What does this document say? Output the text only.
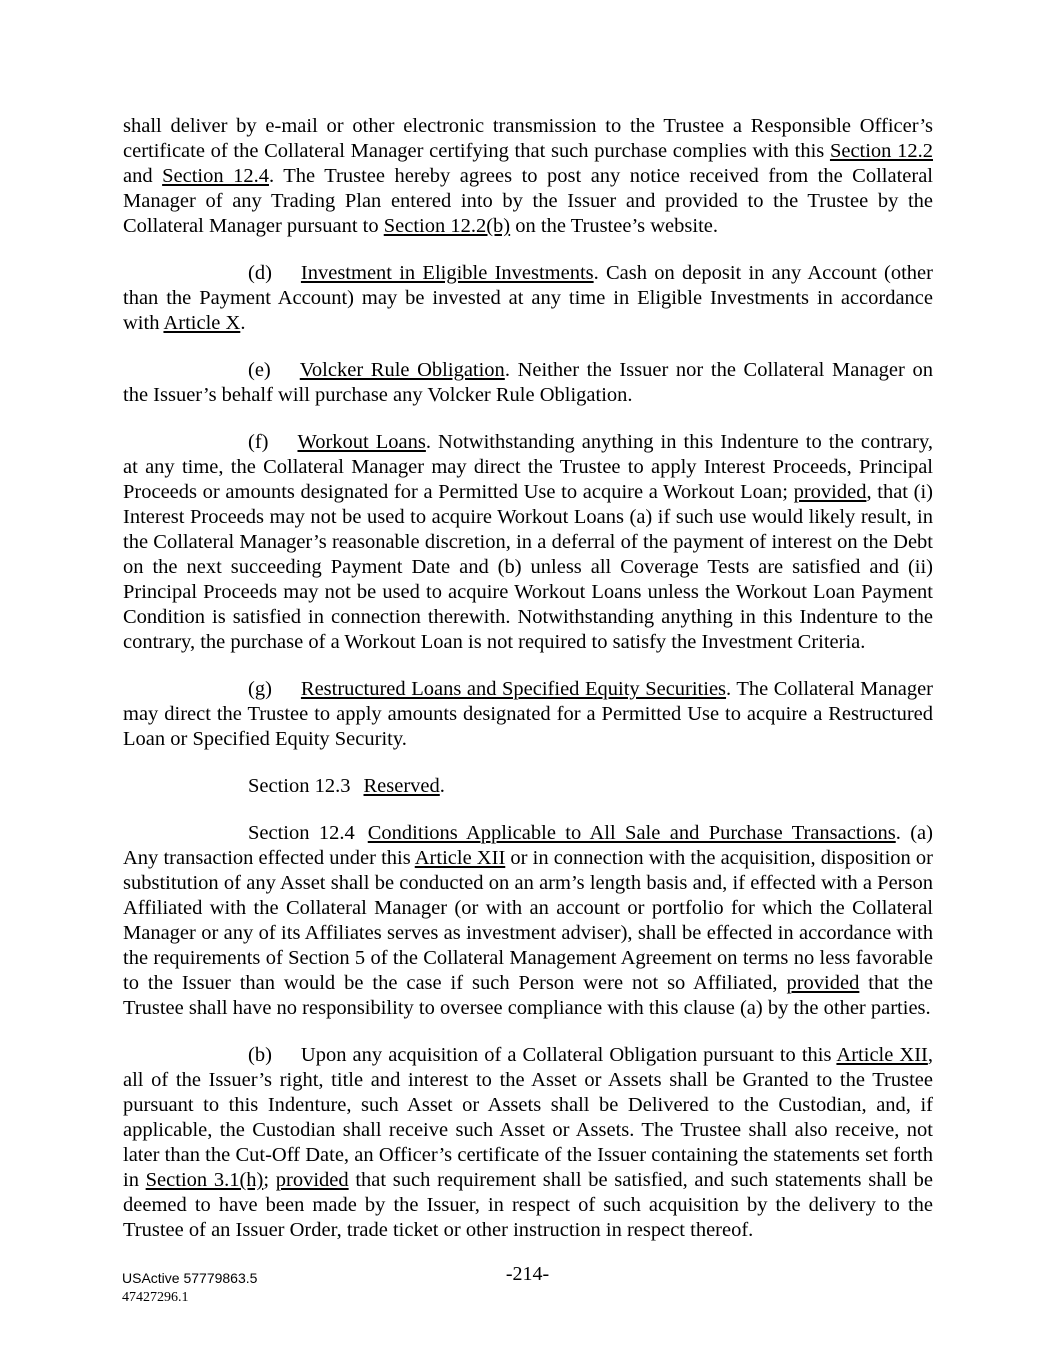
shall deliver by e-mail or other electronic transmission to the Trustee a Responsible Officer’s certificate of the Collateral Manager certifying that such purchase complies with this Section 12.2 and Section 12.4. The Trustee hereby agrees to post any notice received from the Collateral Manager of any Trading Plan entered into by the Issuer and provided to the Trustee by the Collateral Manager pursuant to Section 12.2(b) on the Trustee’s website.

(d) Investment in Eligible Investments. Cash on deposit in any Account (other than the Payment Account) may be invested at any time in Eligible Investments in accordance with Article X.

(e) Volcker Rule Obligation. Neither the Issuer nor the Collateral Manager on the Issuer’s behalf will purchase any Volcker Rule Obligation.

(f) Workout Loans. Notwithstanding anything in this Indenture to the contrary, at any time, the Collateral Manager may direct the Trustee to apply Interest Proceeds, Principal Proceeds or amounts designated for a Permitted Use to acquire a Workout Loan; provided, that (i) Interest Proceeds may not be used to acquire Workout Loans (a) if such use would likely result, in the Collateral Manager’s reasonable discretion, in a deferral of the payment of interest on the Debt on the next succeeding Payment Date and (b) unless all Coverage Tests are satisfied and (ii) Principal Proceeds may not be used to acquire Workout Loans unless the Workout Loan Payment Condition is satisfied in connection therewith. Notwithstanding anything in this Indenture to the contrary, the purchase of a Workout Loan is not required to satisfy the Investment Criteria.

(g) Restructured Loans and Specified Equity Securities. The Collateral Manager may direct the Trustee to apply amounts designated for a Permitted Use to acquire a Restructured Loan or Specified Equity Security.

Section 12.3 Reserved.

Section 12.4 Conditions Applicable to All Sale and Purchase Transactions. (a) Any transaction effected under this Article XII or in connection with the acquisition, disposition or substitution of any Asset shall be conducted on an arm’s length basis and, if effected with a Person Affiliated with the Collateral Manager (or with an account or portfolio for which the Collateral Manager or any of its Affiliates serves as investment adviser), shall be effected in accordance with the requirements of Section 5 of the Collateral Management Agreement on terms no less favorable to the Issuer than would be the case if such Person were not so Affiliated, provided that the Trustee shall have no responsibility to oversee compliance with this clause (a) by the other parties.

(b) Upon any acquisition of a Collateral Obligation pursuant to this Article XII, all of the Issuer’s right, title and interest to the Asset or Assets shall be Granted to the Trustee pursuant to this Indenture, such Asset or Assets shall be Delivered to the Custodian, and, if applicable, the Custodian shall receive such Asset or Assets. The Trustee shall also receive, not later than the Cut-Off Date, an Officer’s certificate of the Issuer containing the statements set forth in Section 3.1(h); provided that such requirement shall be satisfied, and such statements shall be deemed to have been made by the Issuer, in respect of such acquisition by the delivery to the Trustee of an Issuer Order, trade ticket or other instruction in respect thereof.

USActive 57779863.5
47427296.1
-214-
